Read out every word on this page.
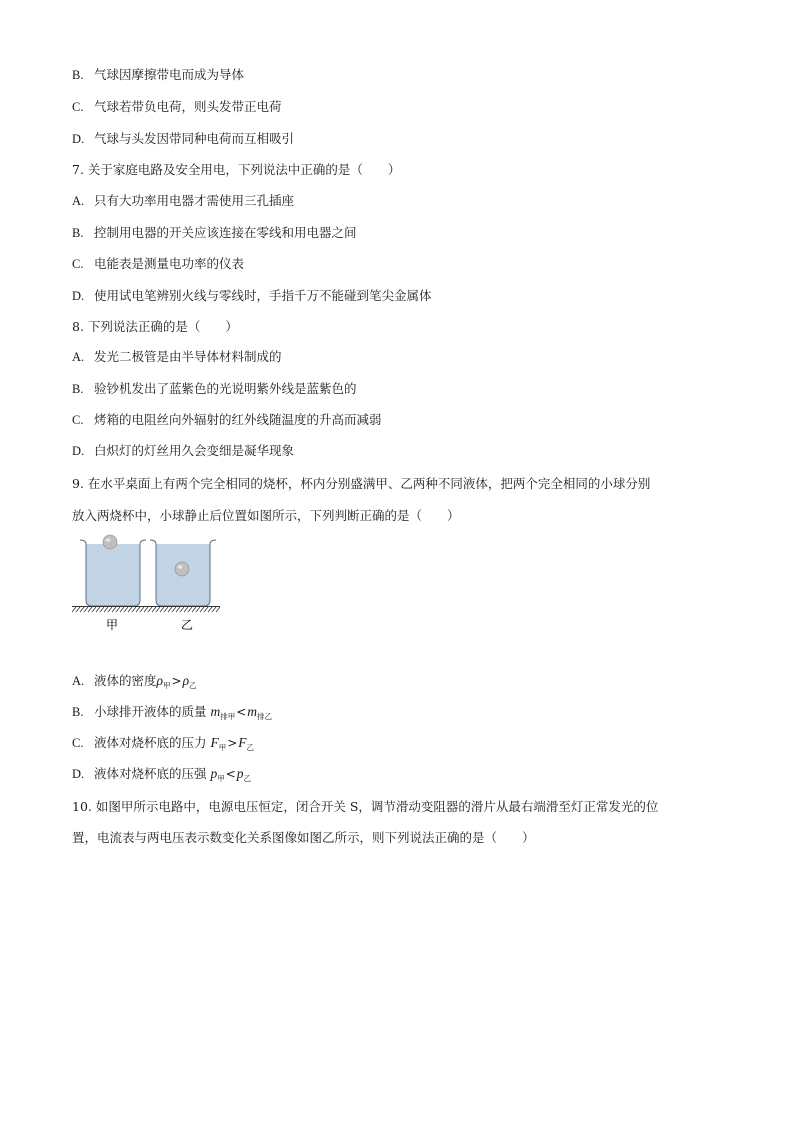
B. 气球因摩擦带电而成为导体
C. 气球若带负电荷，则头发带正电荷
D. 气球与头发因带同种电荷而互相吸引
7. 关于家庭电路及安全用电，下列说法中正确的是（　　）
A. 只有大功率用电器才需使用三孔插座
B. 控制用电器的开关应该连接在零线和用电器之间
C. 电能表是测量电功率的仪表
D. 使用试电笔辨别火线与零线时，手指千万不能碰到笔尖金属体
8. 下列说法正确的是（　　）
A. 发光二极管是由半导体材料制成的
B. 验钞机发出了蓝紫色的光说明紫外线是蓝紫色的
C. 烤箱的电阻丝向外辐射的红外线随温度的升高而减弱
D. 白炽灯的灯丝用久会变细是凝华现象
9. 在水平桌面上有两个完全相同的烧杯，杯内分别盛满甲、乙两种不同液体，把两个完全相同的小球分别
放入两烧杯中，小球静止后位置如图所示，下列判断正确的是（　　）
甲	乙
A. 液体的密度$\rho_甲>\rho_乙$
B. 小球排开液体的质量 $m_{排甲}<m_{排乙}$
C. 液体对烧杯底的压力 $F_甲>F_乙$
D. 液体对烧杯底的压强 $p_甲<p_乙$
10. 如图甲所示电路中，电源电压恒定，闭合开关 S，调节滑动变阻器的滑片从最右端滑至灯正常发光的位
置，电流表与两电压表示数变化关系图像如图乙所示，则下列说法正确的是（　　）
